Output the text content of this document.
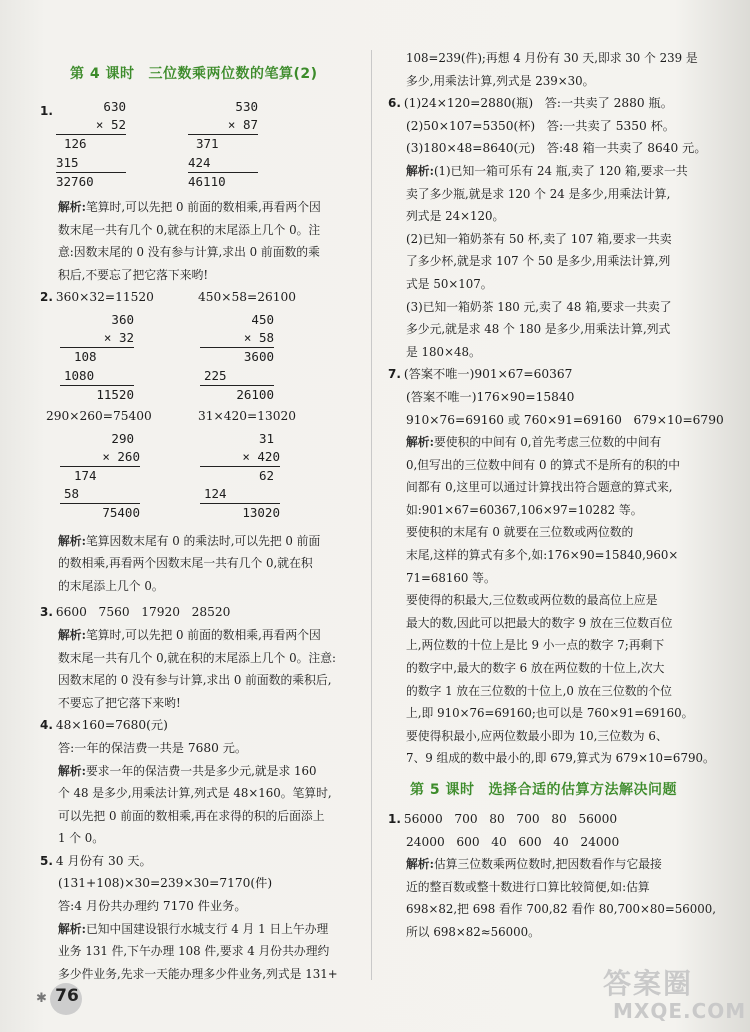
第 4 课时 三位数乘两位数的笔算(2)
1.	630
× 52
126
315
32760
530
× 87
371
424
46110
解析:笔算时,可以先把 0 前面的数相乘,再看两个因
数末尾一共有几个 0,就在积的末尾添上几个 0。注
意:因数末尾的 0 没有参与计算,求出 0 前面数的乘
积后,不要忘了把它落下来哟!
2. 360×32=11520	450×58=26100
360
× 32
108
1080
11520
450
× 58
3600
225
26100
290×260=75400	31×420=13020
290
× 260
174
58
75400
31
× 420
62
124
13020
解析:笔算因数末尾有 0 的乘法时,可以先把 0 前面
的数相乘,再看两个因数末尾一共有几个 0,就在积
的末尾添上几个 0。
3. 6600   7560   17920   28520
解析:笔算时,可以先把 0 前面的数相乘,再看两个因
数末尾一共有几个 0,就在积的末尾添上几个 0。注意:
因数末尾的 0 没有参与计算,求出 0 前面数的乘积后,
不要忘了把它落下来哟!
4. 48×160=7680(元)
答:一年的保洁费一共是 7680 元。
解析:要求一年的保洁费一共是多少元,就是求 160
个 48 是多少,用乘法计算,列式是 48×160。笔算时,
可以先把 0 前面的数相乘,再在求得的积的后面添上
1 个 0。
5. 4 月份有 30 天。
(131+108)×30=239×30=7170(件)
答:4 月份共办理约 7170 件业务。
解析:已知中国建设银行水城支行 4 月 1 日上午办理
业务 131 件,下午办理 108 件,要求 4 月份共办理约
多少件业务,先求一天能办理多少件业务,列式是 131+
108=239(件);再想 4 月份有 30 天,即求 30 个 239 是
多少,用乘法计算,列式是 239×30。
6. (1)24×120=2880(瓶)   答:一共卖了 2880 瓶。
(2)50×107=5350(杯)   答:一共卖了 5350 杯。
(3)180×48=8640(元)   答:48 箱一共卖了 8640 元。
解析:(1)已知一箱可乐有 24 瓶,卖了 120 箱,要求一共
卖了多少瓶,就是求 120 个 24 是多少,用乘法计算,
列式是 24×120。
(2)已知一箱奶茶有 50 杯,卖了 107 箱,要求一共卖
了多少杯,就是求 107 个 50 是多少,用乘法计算,列
式是 50×107。
(3)已知一箱奶茶 180 元,卖了 48 箱,要求一共卖了
多少元,就是求 48 个 180 是多少,用乘法计算,列式
是 180×48。
7. (答案不唯一)901×67=60367
(答案不唯一)176×90=15840
910×76=69160 或 760×91=69160   679×10=6790
解析:要使积的中间有 0,首先考虑三位数的中间有
0,但写出的三位数中间有 0 的算式不是所有的积的中
间都有 0,这里可以通过计算找出符合题意的算式来,
如:901×67=60367,106×97=10282 等。
要使积的末尾有 0 就要在三位数或两位数的
末尾,这样的算式有多个,如:176×90=15840,960×
71=68160 等。
要使得的积最大,三位数或两位数的最高位上应是
最大的数,因此可以把最大的数字 9 放在三位数百位
上,两位数的十位上是比 9 小一点的数字 7;再剩下
的数字中,最大的数字 6 放在两位数的十位上,次大
的数字 1 放在三位数的十位上,0 放在三位数的个位
上,即 910×76=69160;也可以是 760×91=69160。
要使得积最小,应两位数最小即为 10,三位数为 6、
7、9 组成的数中最小的,即 679,算式为 679×10=6790。
第 5 课时 选择合适的估算方法解决问题
1. 56000   700   80   700   80   56000
24000   600   40   600   40   24000
解析:估算三位数乘两位数时,把因数看作与它最接
近的整百数或整十数进行口算比较简便,如:估算
698×82,把 698 看作 700,82 看作 80,700×80=56000,
所以 698×82≈56000。
✱ 76	答案圈
MXQE.COM
